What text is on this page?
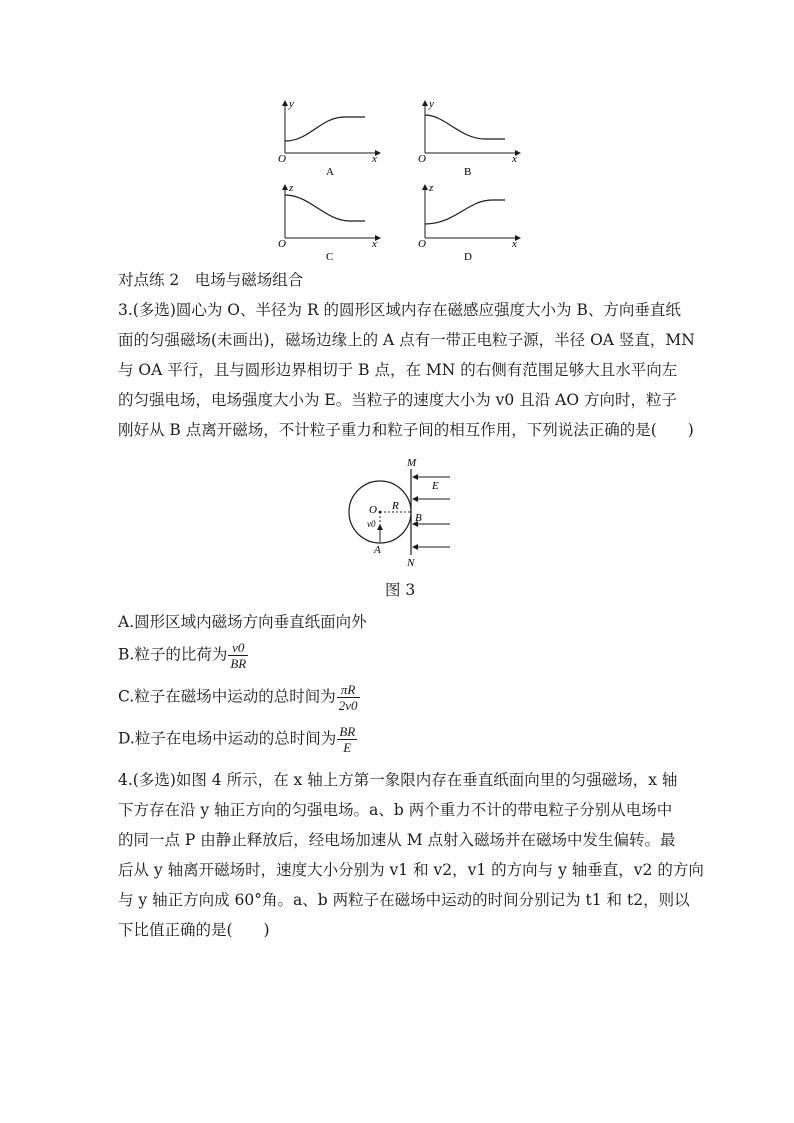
y
x
O
A
y
x
O
B
z
x
O
C
z
x
O
D
对点练 2　电场与磁场组合
3.(多选)圆心为 O、半径为 R 的圆形区域内存在磁感应强度大小为 B、方向垂直纸
面的匀强磁场(未画出)，磁场边缘上的 A 点有一带正电粒子源，半径 OA 竖直，MN
与 OA 平行，且与圆形边界相切于 B 点，在 MN 的右侧有范围足够大且水平向左
的匀强电场，电场强度大小为 E。当粒子的速度大小为 v0 且沿 AO 方向时，粒子
刚好从 B 点离开磁场，不计粒子重力和粒子间的相互作用，下列说法正确的是(　　)
M
N
E
O R
B
v0
A
图 3
A.圆形区域内磁场方向垂直纸面向外
B.粒子的比荷为 $\frac{v0}{BR}$
C.粒子在磁场中运动的总时间为 $\frac{\pi R}{2v0}$
D.粒子在电场中运动的总时间为 $\frac{BR}{E}$
4.(多选)如图 4 所示，在 x 轴上方第一象限内存在垂直纸面向里的匀强磁场，x 轴
下方存在沿 y 轴正方向的匀强电场。a、b 两个重力不计的带电粒子分别从电场中
的同一点 P 由静止释放后，经电场加速从 M 点射入磁场并在磁场中发生偏转。最
后从 y 轴离开磁场时，速度大小分别为 v1 和 v2，v1 的方向与 y 轴垂直，v2 的方向
与 y 轴正方向成 60°角。a、b 两粒子在磁场中运动的时间分别记为 t1 和 t2，则以
下比值正确的是(　　)
